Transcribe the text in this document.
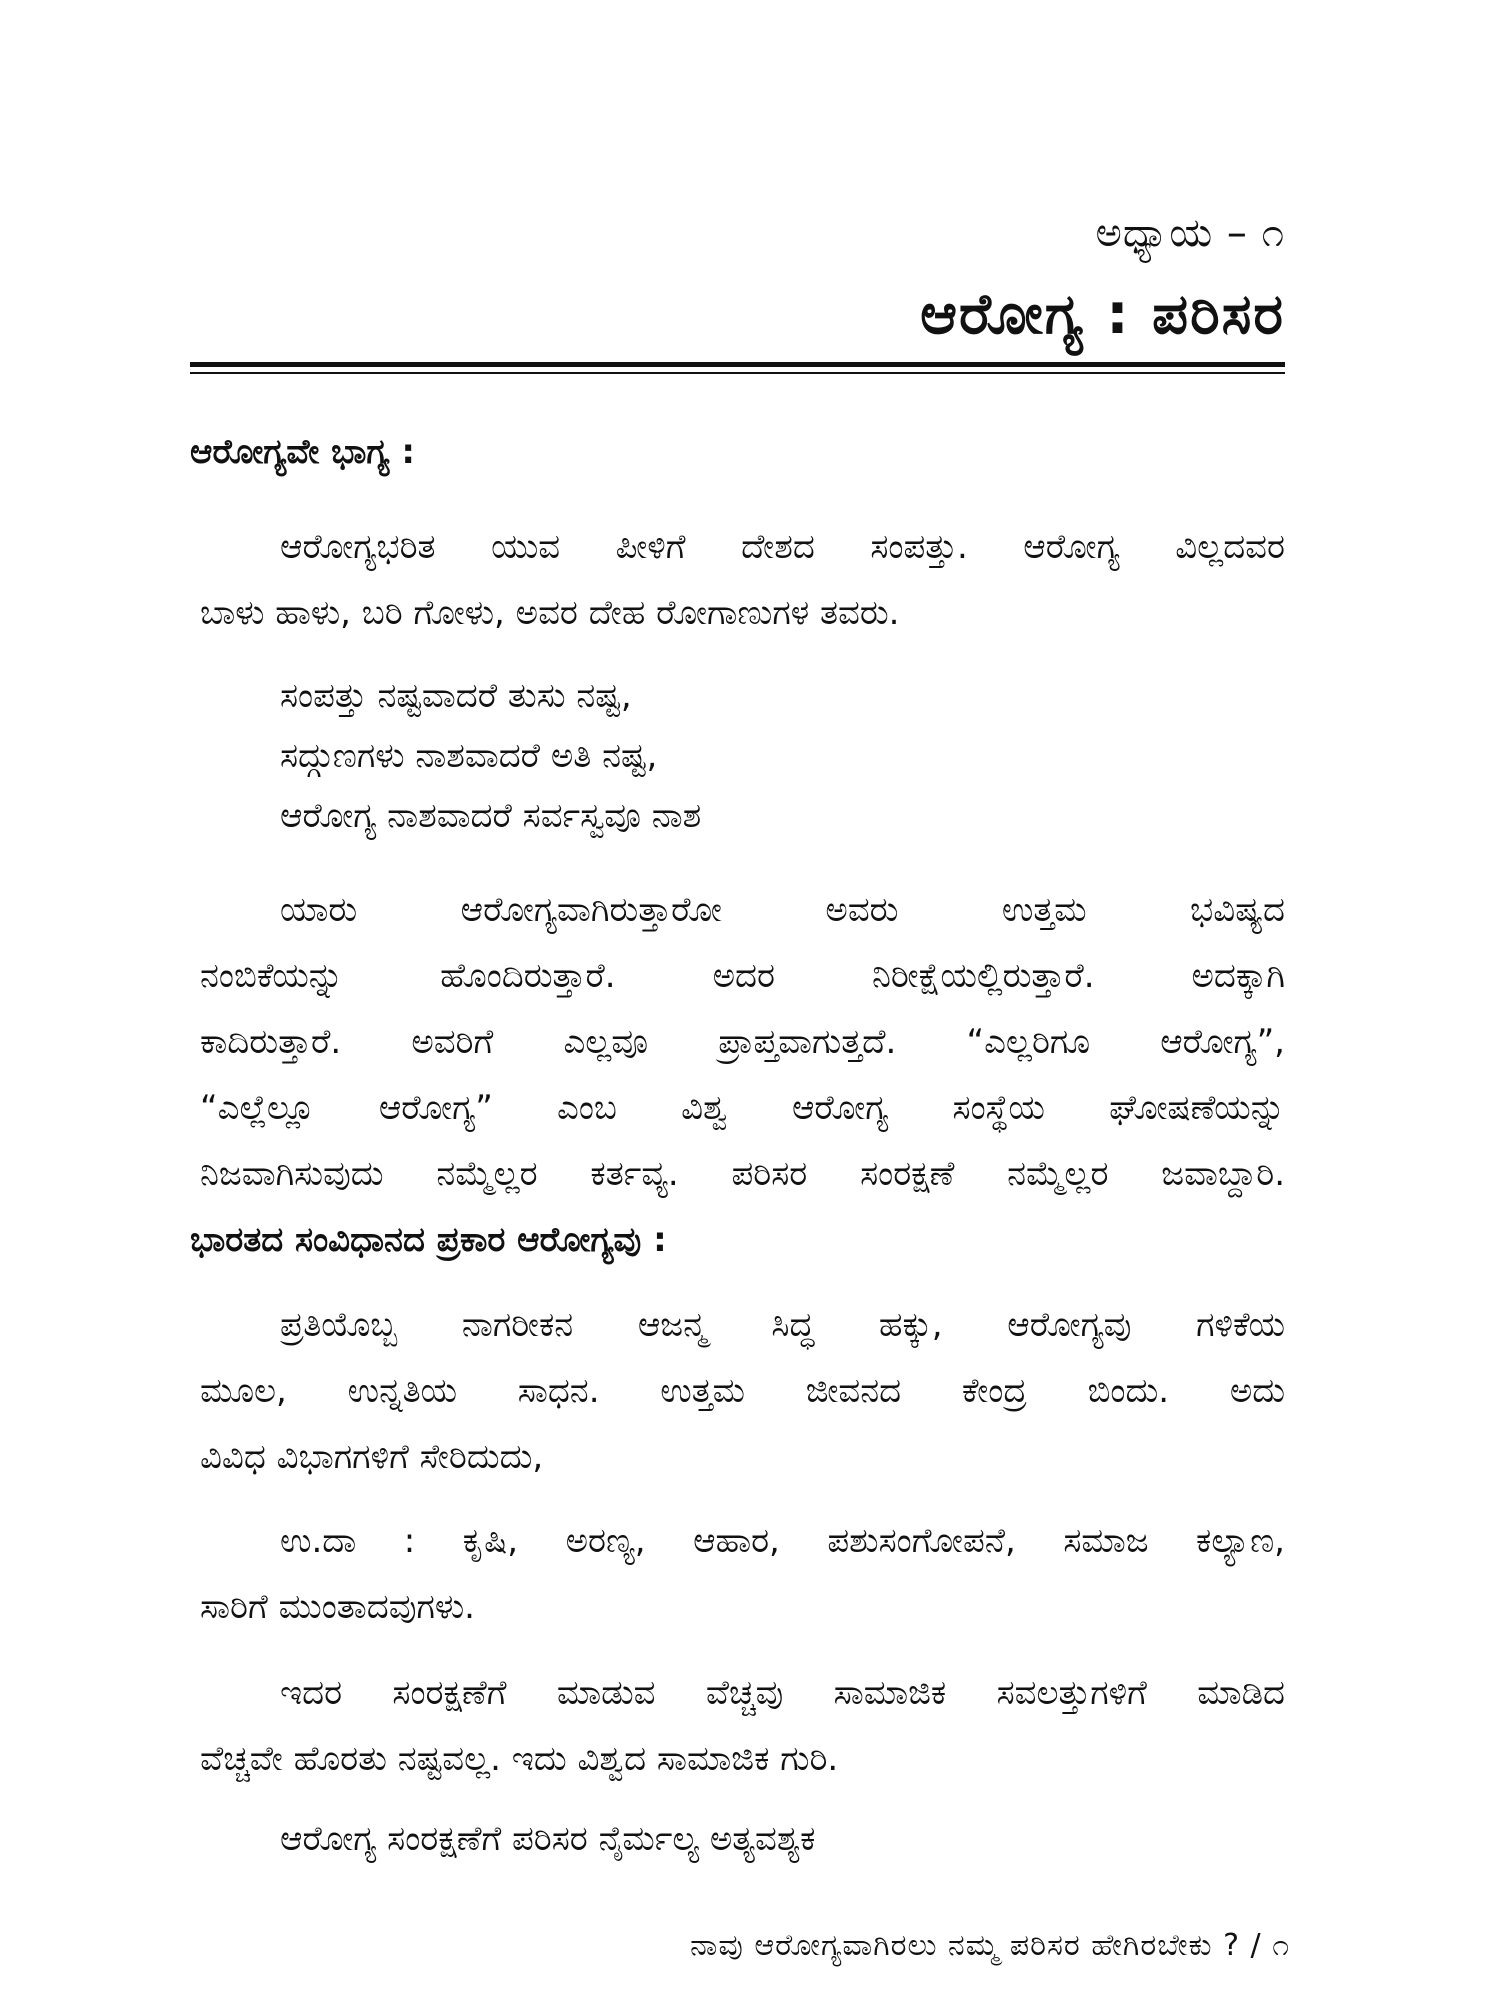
ಅಧ್ಯಾಯ – ೧
ಆರೋಗ್ಯ : ಪರಿಸರ
ಆರೋಗ್ಯವೇ ಭಾಗ್ಯ :
ಆರೋಗ್ಯಭರಿತ ಯುವ ಪೀಳಿಗೆ ದೇಶದ ಸಂಪತ್ತು. ಆರೋಗ್ಯ ವಿಲ್ಲದವರ
ಬಾಳು ಹಾಳು, ಬರಿ ಗೋಳು, ಅವರ ದೇಹ ರೋಗಾಣುಗಳ ತವರು.
ಸಂಪತ್ತು ನಷ್ಟವಾದರೆ ತುಸು ನಷ್ಟ,
ಸದ್ಗುಣಗಳು ನಾಶವಾದರೆ ಅತಿ ನಷ್ಟ,
ಆರೋಗ್ಯ ನಾಶವಾದರೆ ಸರ್ವಸ್ವವೂ ನಾಶ
ಯಾರು ಆರೋಗ್ಯವಾಗಿರುತ್ತಾರೋ ಅವರು ಉತ್ತಮ ಭವಿಷ್ಯದ
ನಂಬಿಕೆಯನ್ನು ಹೊಂದಿರುತ್ತಾರೆ. ಅದರ ನಿರೀಕ್ಷೆಯಲ್ಲಿರುತ್ತಾರೆ. ಅದಕ್ಕಾಗಿ
ಕಾದಿರುತ್ತಾರೆ. ಅವರಿಗೆ ಎಲ್ಲವೂ ಪ್ರಾಪ್ತವಾಗುತ್ತದೆ. “ಎಲ್ಲರಿಗೂ ಆರೋಗ್ಯ”,
“ಎಲ್ಲೆಲ್ಲೂ ಆರೋಗ್ಯ” ಎಂಬ ವಿಶ್ವ ಆರೋಗ್ಯ ಸಂಸ್ಥೆಯ ಘೋಷಣೆಯನ್ನು
ನಿಜವಾಗಿಸುವುದು ನಮ್ಮೆಲ್ಲರ ಕರ್ತವ್ಯ. ಪರಿಸರ ಸಂರಕ್ಷಣೆ ನಮ್ಮೆಲ್ಲರ ಜವಾಬ್ದಾರಿ.
ಭಾರತದ ಸಂವಿಧಾನದ ಪ್ರಕಾರ ಆರೋಗ್ಯವು :
ಪ್ರತಿಯೊಬ್ಬ ನಾಗರೀಕನ ಆಜನ್ಮ ಸಿದ್ಧ ಹಕ್ಕು, ಆರೋಗ್ಯವು ಗಳಿಕೆಯ
ಮೂಲ, ಉನ್ನತಿಯ ಸಾಧನ. ಉತ್ತಮ ಜೀವನದ ಕೇಂದ್ರ ಬಿಂದು. ಅದು
ವಿವಿಧ ವಿಭಾಗಗಳಿಗೆ ಸೇರಿದುದು,
ಉ.ದಾ : ಕೃಷಿ, ಅರಣ್ಯ, ಆಹಾರ, ಪಶುಸಂಗೋಪನೆ, ಸಮಾಜ ಕಲ್ಯಾಣ,
ಸಾರಿಗೆ ಮುಂತಾದವುಗಳು.
ಇದರ ಸಂರಕ್ಷಣೆಗೆ ಮಾಡುವ ವೆಚ್ಚವು ಸಾಮಾಜಿಕ ಸವಲತ್ತುಗಳಿಗೆ ಮಾಡಿದ
ವೆಚ್ಚವೇ ಹೊರತು ನಷ್ಟವಲ್ಲ. ಇದು ವಿಶ್ವದ ಸಾಮಾಜಿಕ ಗುರಿ.
ಆರೋಗ್ಯ ಸಂರಕ್ಷಣೆಗೆ ಪರಿಸರ ನೈರ್ಮಲ್ಯ ಅತ್ಯವಶ್ಯಕ
ನಾವು ಆರೋಗ್ಯವಾಗಿರಲು ನಮ್ಮ ಪರಿಸರ ಹೇಗಿರಬೇಕು ? / ೧
